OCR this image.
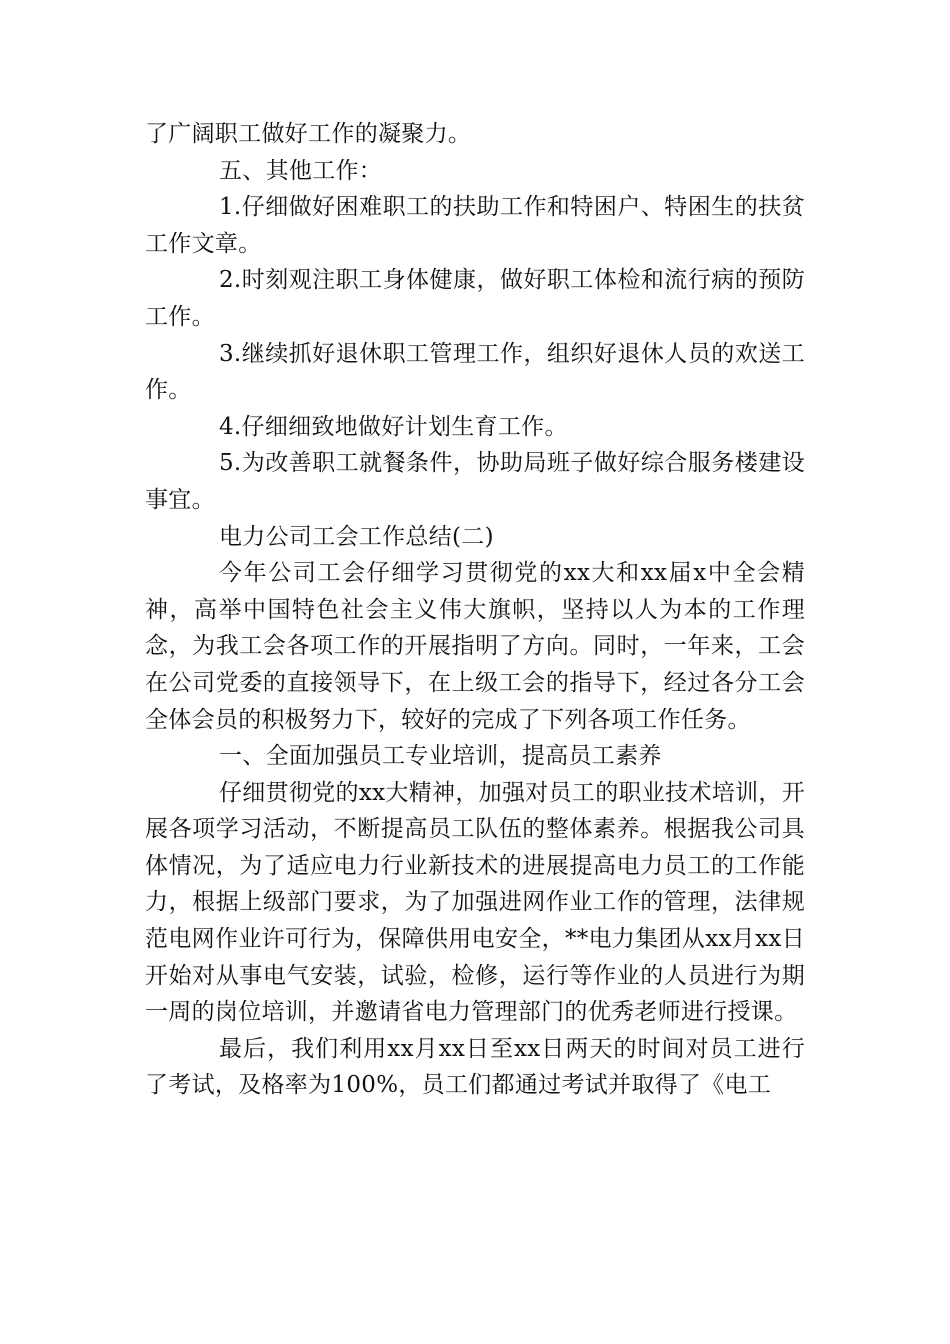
了广阔职工做好工作的凝聚力。

五、其他工作：

1.仔细做好困难职工的扶助工作和特困户、特困生的扶贫工作文章。

2.时刻观注职工身体健康，做好职工体检和流行病的预防工作。

3.继续抓好退休职工管理工作，组织好退休人员的欢送工作。

4.仔细细致地做好计划生育工作。

5.为改善职工就餐条件，协助局班子做好综合服务楼建设事宜。

电力公司工会工作总结(二)

今年公司工会仔细学习贯彻党的xx大和xx届x中全会精神，高举中国特色社会主义伟大旗帜，坚持以人为本的工作理念，为我工会各项工作的开展指明了方向。同时，一年来，工会在公司党委的直接领导下，在上级工会的指导下，经过各分工会全体会员的积极努力下，较好的完成了下列各项工作任务。

一、全面加强员工专业培训，提高员工素养

仔细贯彻党的xx大精神，加强对员工的职业技术培训，开展各项学习活动，不断提高员工队伍的整体素养。根据我公司具体情况，为了适应电力行业新技术的进展提高电力员工的工作能力，根据上级部门要求，为了加强进网作业工作的管理，法律规范电网作业许可行为，保障供用电安全，**电力集团从xx月xx日开始对从事电气安装，试验，检修，运行等作业的人员进行为期一周的岗位培训，并邀请省电力管理部门的优秀老师进行授课。

最后，我们利用xx月xx日至xx日两天的时间对员工进行了考试，及格率为100%，员工们都通过考试并取得了《电工
